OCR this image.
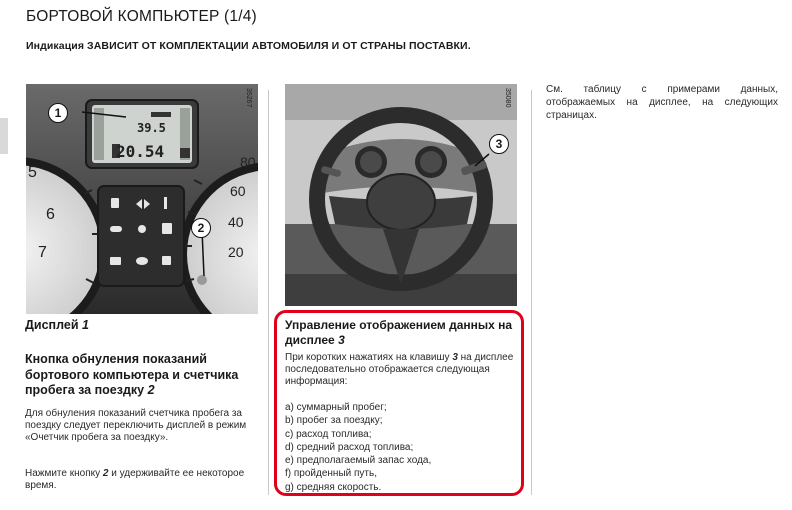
БОРТОВОЙ КОМПЬЮТЕР (1/4)
Индикация ЗАВИСИТ ОТ КОМПЛЕКТАЦИИ АВТОМОБИЛЯ И ОТ СТРАНЫ ПОСТАВКИ.
35267
39.5
20.54
5
6
7
80
60
40
20
1
2
35080
3
Дисплей 1
Кнопка обнуления показаний бортового компьютера и счетчика пробега за поездку 2
Для обнуления показаний счетчика пробега за поездку следует переключить дисплей в режим «Очетчик пробега за поездку».
Нажмите кнопку 2 и удерживайте ее некоторое время.
Управление отображением данных на дисплее 3
При коротких нажатиях на клавишу 3 на дисплее последовательно отображается следующая информация:
a) суммарный пробег;
b) пробег за поездку;
c) расход топлива;
d) средний расход топлива;
e) предполагаемый запас хода,
f) пройденный путь,
g) средняя скорость.
См. таблицу с примерами данных, отображаемых на дисплее, на следующих страницах.
